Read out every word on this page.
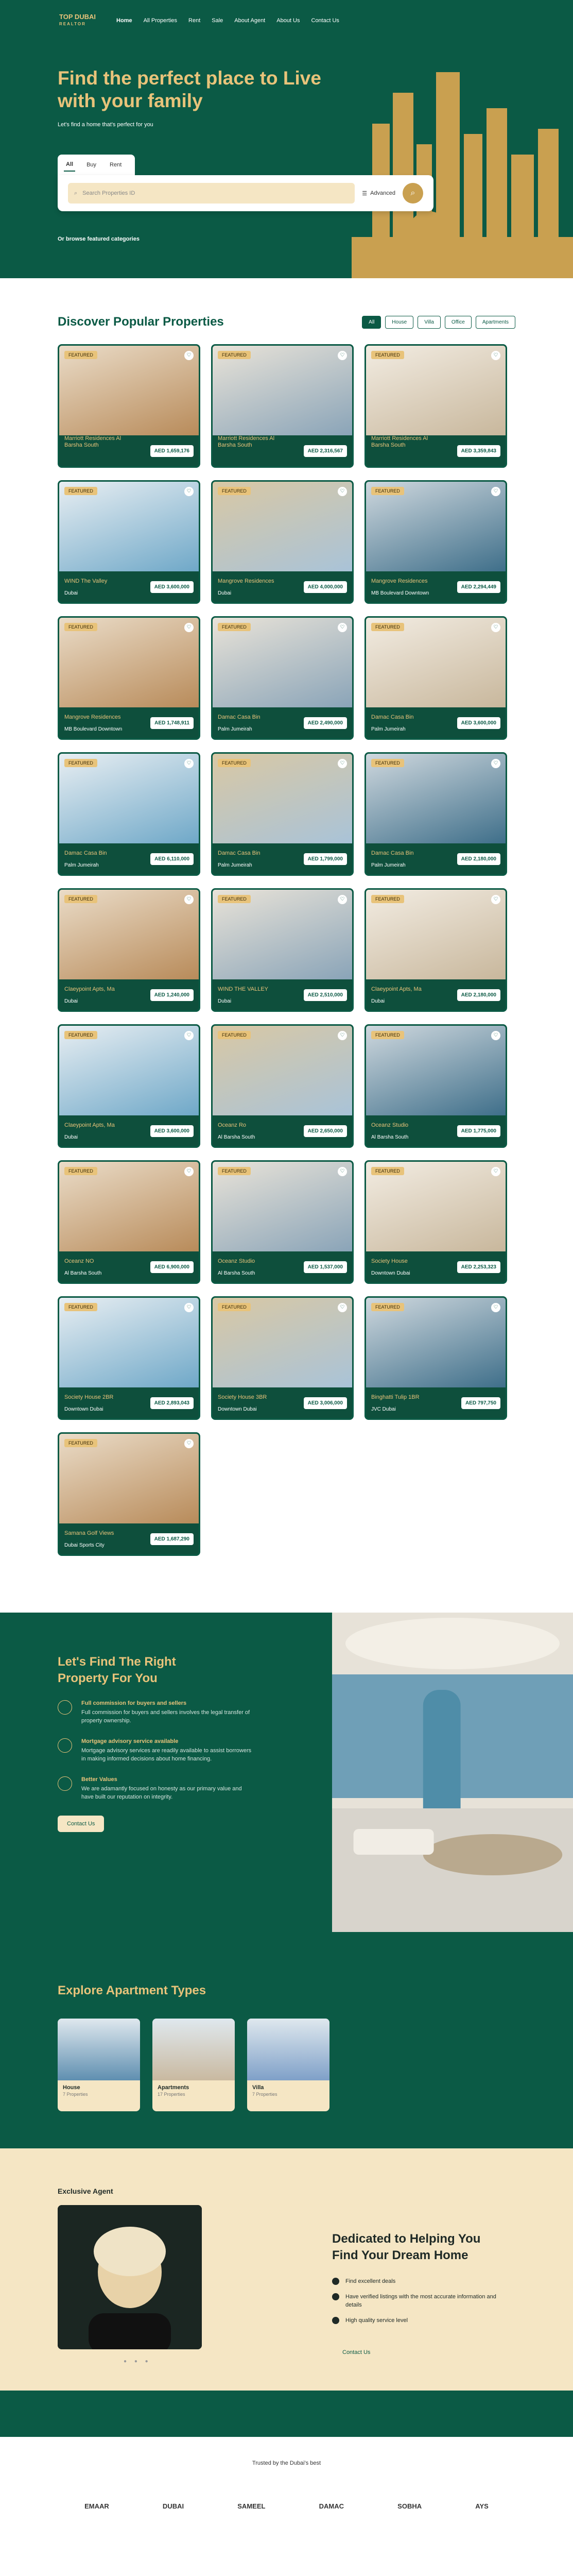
TOP DUBAI
REALTOR
Home All Properties Rent Sale About Agent About Us Contact Us
Find the perfect place to Live with your family

Let's find a home that's perfect for you

All	Buy	Rent
⌕ Search Properties ID	☰ Advanced ⌕
Or browse featured categories
Discover Popular Properties	All	House	Villa	Office	Apartments
FEATURED	♡
Marriott Residences Al Barsha South
AED 1,659,176
FEATURED	♡
Marriott Residences Al Barsha South
AED 2,316,567
FEATURED	♡
Marriott Residences Al Barsha South
AED 3,359,843
FEATURED	♡
WIND The Valley
Dubai
AED 3,600,000
FEATURED	♡
Mangrove Residences
Dubai
AED 4,000,000
FEATURED	♡
Mangrove Residences
MB Boulevard Downtown
AED 2,294,449
FEATURED	♡
Mangrove Residences
MB Boulevard Downtown
AED 1,748,911
FEATURED	♡
Damac Casa Bin
Palm Jumeirah
AED 2,490,000
FEATURED	♡
Damac Casa Bin
Palm Jumeirah
AED 3,600,000
FEATURED	♡
Damac Casa Bin
Palm Jumeirah
AED 6,110,000
FEATURED	♡
Damac Casa Bin
Palm Jumeirah
AED 1,799,000
FEATURED	♡
Damac Casa Bin
Palm Jumeirah
AED 2,180,000
FEATURED	♡
Claeypoint Apts, Ma
Dubai
AED 1,240,000
FEATURED	♡
WIND THE VALLEY
Dubai
AED 2,510,000
FEATURED	♡
Claeypoint Apts, Ma
Dubai
AED 2,180,000
FEATURED	♡
Claeypoint Apts, Ma
Dubai
AED 3,600,000
FEATURED	♡
Oceanz Ro
Al Barsha South
AED 2,650,000
FEATURED	♡
Oceanz Studio
Al Barsha South
AED 1,775,000
FEATURED	♡
Oceanz NO
Al Barsha South
AED 6,900,000
FEATURED	♡
Oceanz Studio
Al Barsha South
AED 1,537,000
FEATURED	♡
Society House
Downtown Dubai
AED 2,253,323
FEATURED	♡
Society House 2BR
Downtown Dubai
AED 2,893,043
FEATURED	♡
Society House 3BR
Downtown Dubai
AED 3,006,000
FEATURED	♡
Binghatti Tulip 1BR
JVC Dubai
AED 797,750
FEATURED	♡
Samana Golf Views
Dubai Sports City
AED 1,687,290
Let's Find The Right Property For You
Full commission for buyers and sellers

Full commission for buyers and sellers involves the legal transfer of property ownership.

Mortgage advisory service available

Mortgage advisory services are readily available to assist borrowers in making informed decisions about home financing.

Better Values

We are adamantly focused on honesty as our primary value and have built our reputation on integrity.

Contact Us
Explore Apartment Types
House
7 Properties
Apartments
17 Properties
Villa
7 Properties
Exclusive Agent
● ● ●
Dedicated to Helping You Find Your Dream Home
Find excellent deals
Have verified listings with the most accurate information and details
High quality service level
Contact Us

Trusted by the Dubai's best

EMAAR	DUBAI	SAMEEL	DAMAC	SOBHA	AYS
